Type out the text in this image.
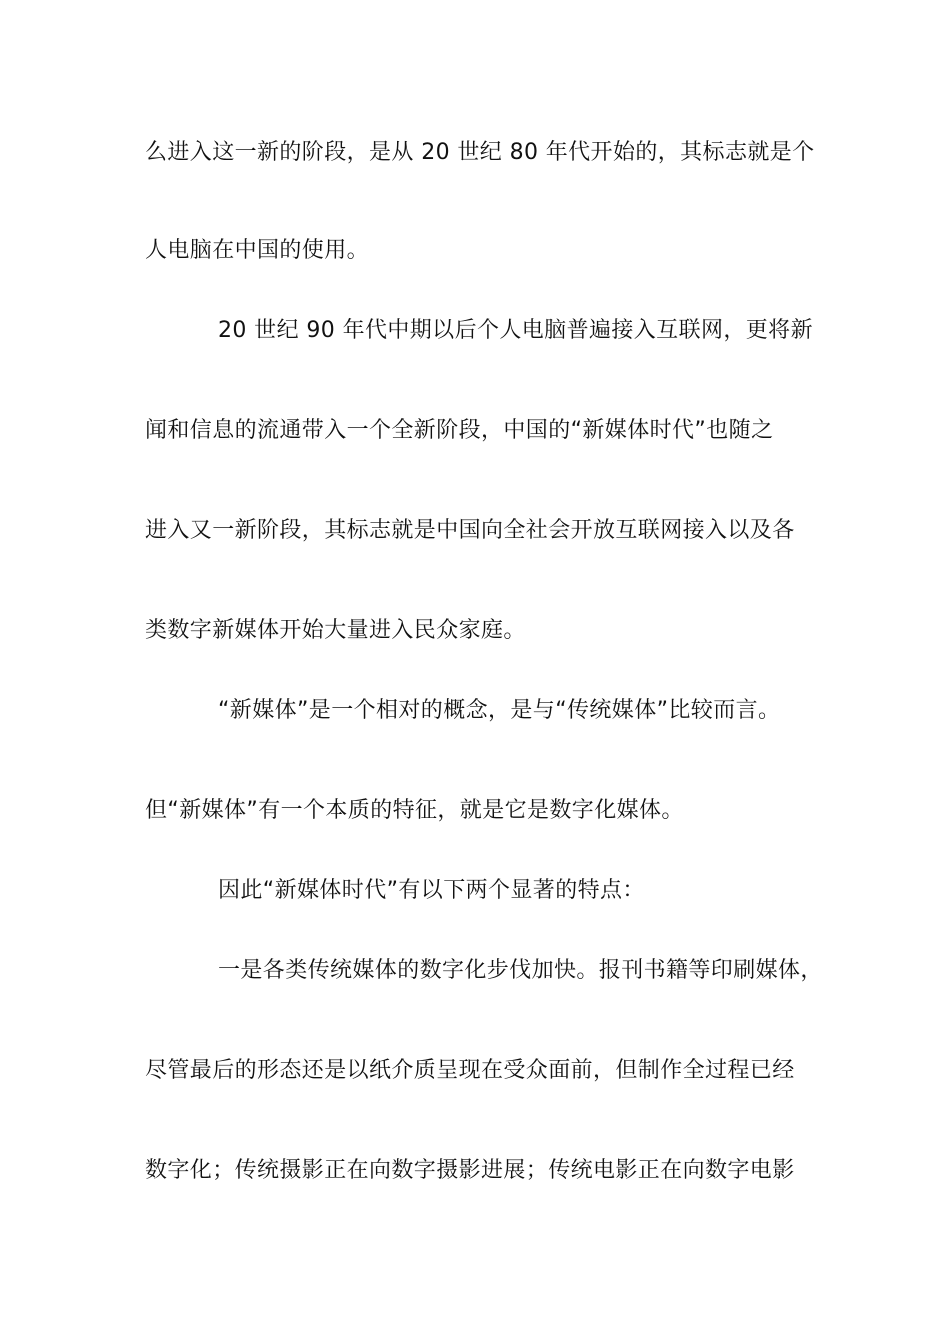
么进入这一新的阶段，是从 20 世纪 80 年代开始的，其标志就是个
人电脑在中国的使用。
20 世纪 90 年代中期以后个人电脑普遍接入互联网，更将新
闻和信息的流通带入一个全新阶段，中国的“新媒体时代”也随之
进入又一新阶段，其标志就是中国向全社会开放互联网接入以及各
类数字新媒体开始大量进入民众家庭。
“新媒体”是一个相对的概念，是与“传统媒体”比较而言。
但“新媒体”有一个本质的特征，就是它是数字化媒体。
因此“新媒体时代”有以下两个显著的特点：
一是各类传统媒体的数字化步伐加快。报刊书籍等印刷媒体，
尽管最后的形态还是以纸介质呈现在受众面前，但制作全过程已经
数字化；传统摄影正在向数字摄影进展；传统电影正在向数字电影
